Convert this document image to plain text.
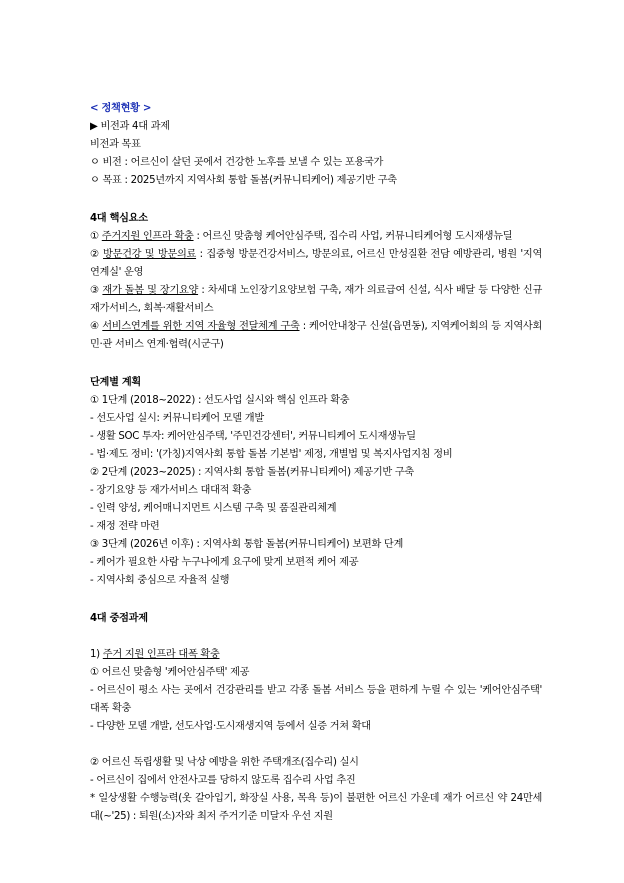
< 정책현황 >
▶ 비전과 4대 과제
비전과 목표
ㅇ 비전 : 어르신이 살던 곳에서 건강한 노후를 보낼 수 있는 포용국가
ㅇ 목표 : 2025년까지 지역사회 통합 돌봄(커뮤니티케어) 제공기반 구축
4대 핵심요소
① 주거지원 인프라 확충 : 어르신 맞춤형 케어안심주택, 집수리 사업, 커뮤니티케어형 도시재생뉴딜
② 방문건강 및 방문의료 : 집중형 방문건강서비스, 방문의료, 어르신 만성질환 전담 예방관리, 병원 '지역연계실' 운영
③ 재가 돌봄 및 장기요양 : 차세대 노인장기요양보험 구축, 재가 의료급여 신설, 식사 배달 등 다양한 신규 재가서비스, 회복·재활서비스
④ 서비스연계를 위한 지역 자율형 전달체계 구축 : 케어안내창구 신설(읍면동), 지역케어회의 등 지역사회 민·관 서비스 연계·협력(시군구)
단계별 계획
① 1단계 (2018~2022) : 선도사업 실시와 핵심 인프라 확충
- 선도사업 실시: 커뮤니티케어 모델 개발
- 생활 SOC 투자: 케어안심주택, '주민건강센터', 커뮤니티케어 도시재생뉴딜
- 법·제도 정비: '(가칭)지역사회 통합 돌봄 기본법' 제정, 개별법 및 복지사업지침 정비
② 2단계 (2023~2025) : 지역사회 통합 돌봄(커뮤니티케어) 제공기반 구축
- 장기요양 등 재가서비스 대대적 확충
- 인력 양성, 케어매니지먼트 시스템 구축 및 품질관리체계
- 재정 전략 마련
③ 3단계 (2026년 이후) : 지역사회 통합 돌봄(커뮤니티케어) 보편화 단계
- 케어가 필요한 사람 누구나에게 요구에 맞게 보편적 케어 제공
- 지역사회 중심으로 자율적 실행
4대 중점과제
1) 주거 지원 인프라 대폭 확충
① 어르신 맞춤형 '케어안심주택' 제공
- 어르신이 평소 사는 곳에서 건강관리를 받고 각종 돌봄 서비스 등을 편하게 누릴 수 있는 '케어안심주택' 대폭 확충
- 다양한 모델 개발, 선도사업·도시재생지역 등에서 실증 거쳐 확대
② 어르신 독립생활 및 낙상 예방을 위한 주택개조(집수리) 실시
- 어르신이 집에서 안전사고를 당하지 않도록 집수리 사업 추진
* 일상생활 수행능력(옷 갈아입기, 화장실 사용, 목욕 등)이 불편한 어르신 가운데 재가 어르신 약 24만세대(~'25) : 퇴원(소)자와 최저 주거기준 미달자 우선 지원
